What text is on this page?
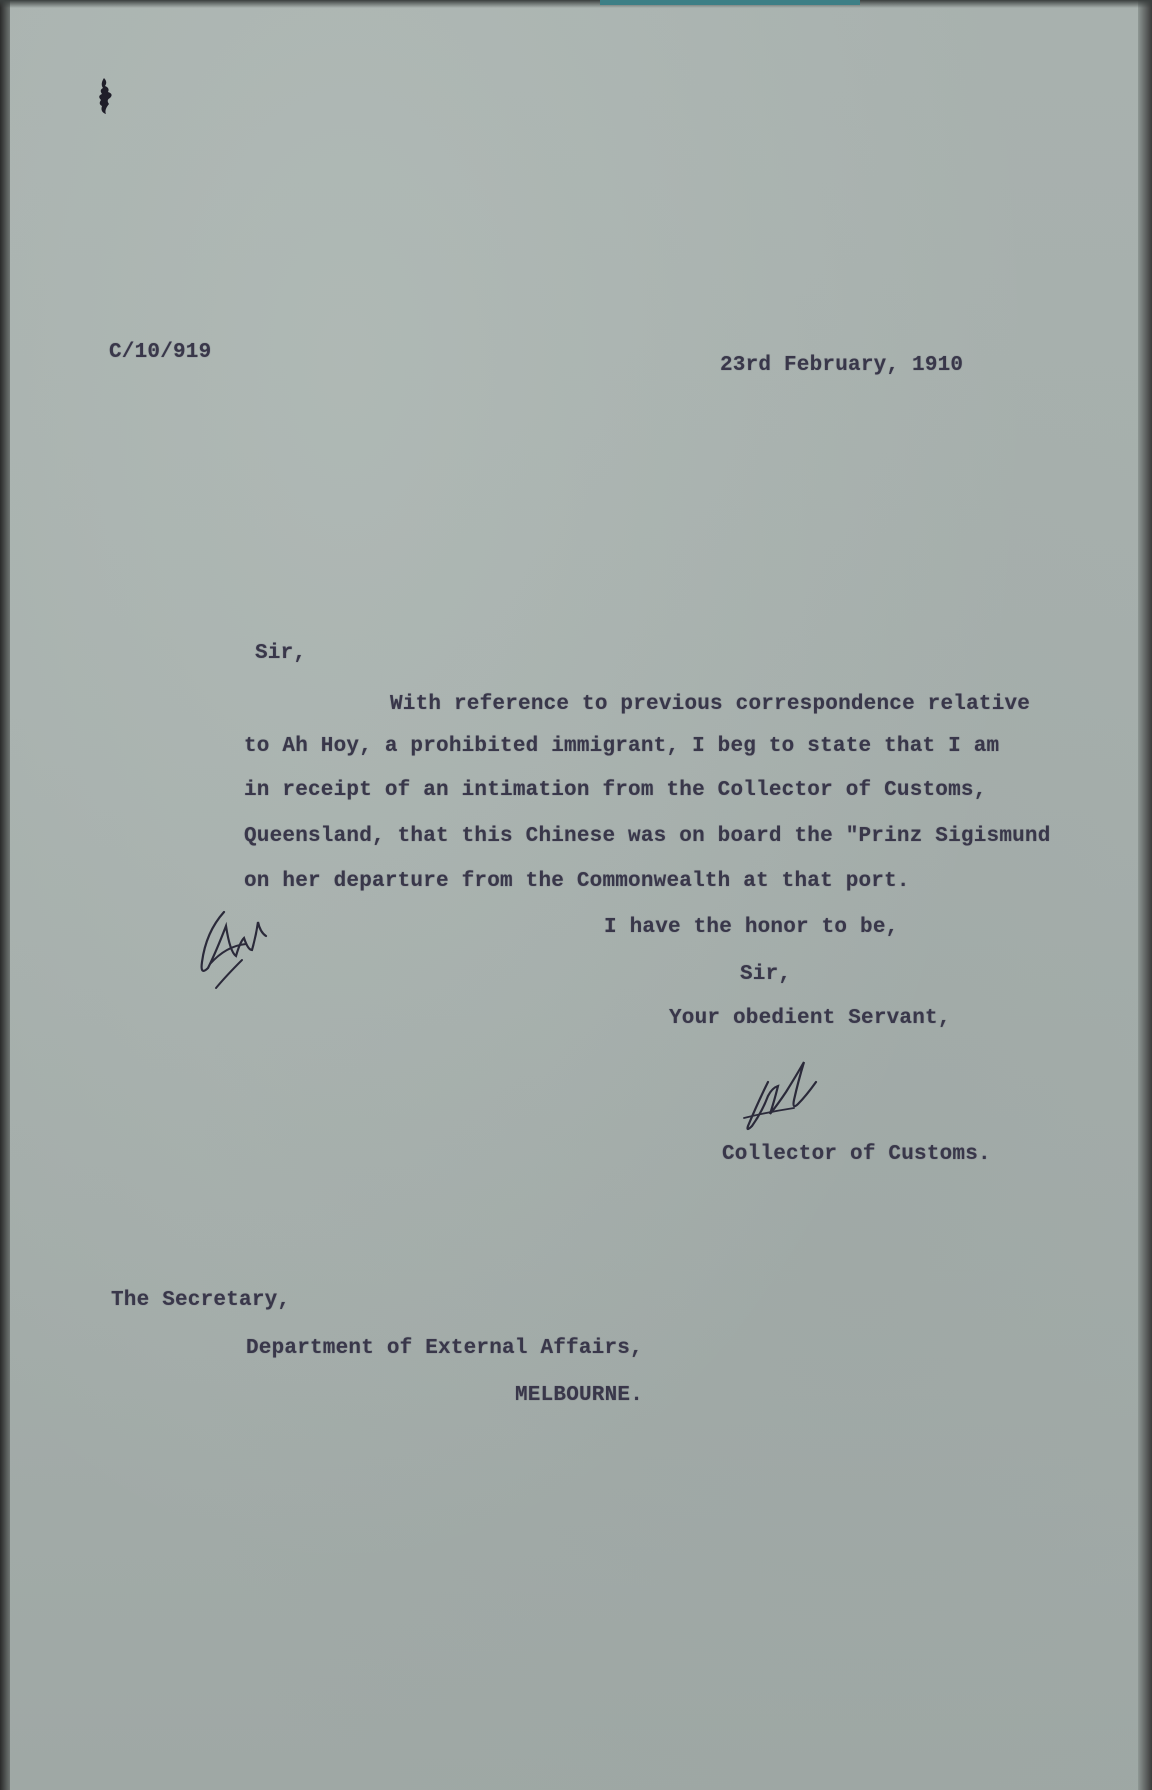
C/10/919
23rd February, 1910
Sir,
With reference to previous correspondence relative
to Ah Hoy, a prohibited immigrant, I beg to state that I am
in receipt of an intimation from the Collector of Customs,
Queensland, that this Chinese was on board the "Prinz Sigismund
on her departure from the Commonwealth at that port.
I have the honor to be,
Sir,
Your obedient Servant,
Collector of Customs.
The Secretary,
Department of External Affairs,
MELBOURNE.
